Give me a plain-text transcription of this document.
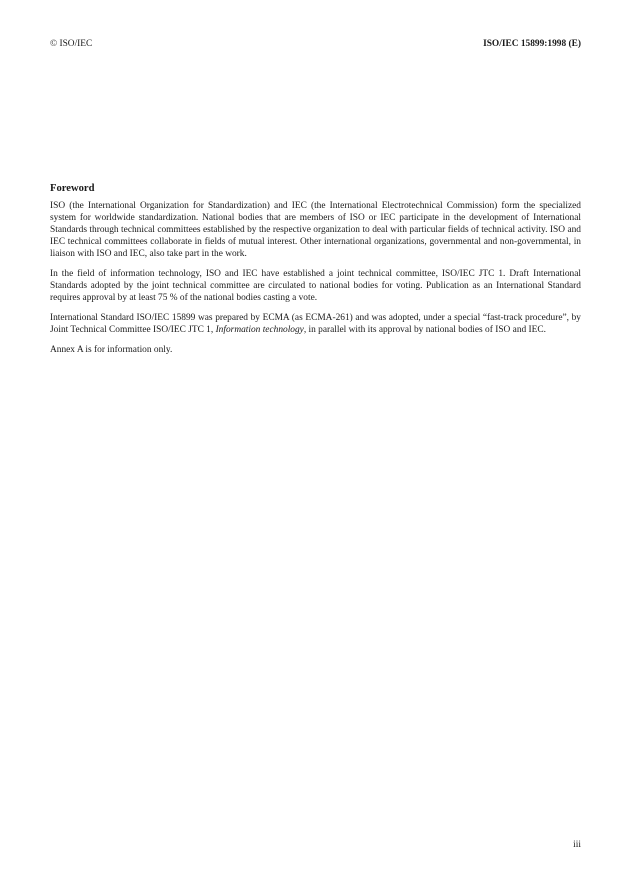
© ISO/IEC	ISO/IEC 15899:1998 (E)
Foreword

ISO (the International Organization for Standardization) and IEC (the International Electrotechnical Commission) form the specialized system for worldwide standardization. National bodies that are members of ISO or IEC participate in the development of International Standards through technical committees established by the respective organization to deal with particular fields of technical activity. ISO and IEC technical committees collaborate in fields of mutual interest. Other international organizations, governmental and non-governmental, in liaison with ISO and IEC, also take part in the work.

In the field of information technology, ISO and IEC have established a joint technical committee, ISO/IEC JTC 1. Draft International Standards adopted by the joint technical committee are circulated to national bodies for voting. Publication as an International Standard requires approval by at least 75 % of the national bodies casting a vote.

International Standard ISO/IEC 15899 was prepared by ECMA (as ECMA-261) and was adopted, under a special “fast-track procedure”, by Joint Technical Committee ISO/IEC JTC 1, Information technology, in parallel with its approval by national bodies of ISO and IEC.

Annex A is for information only.

iii
